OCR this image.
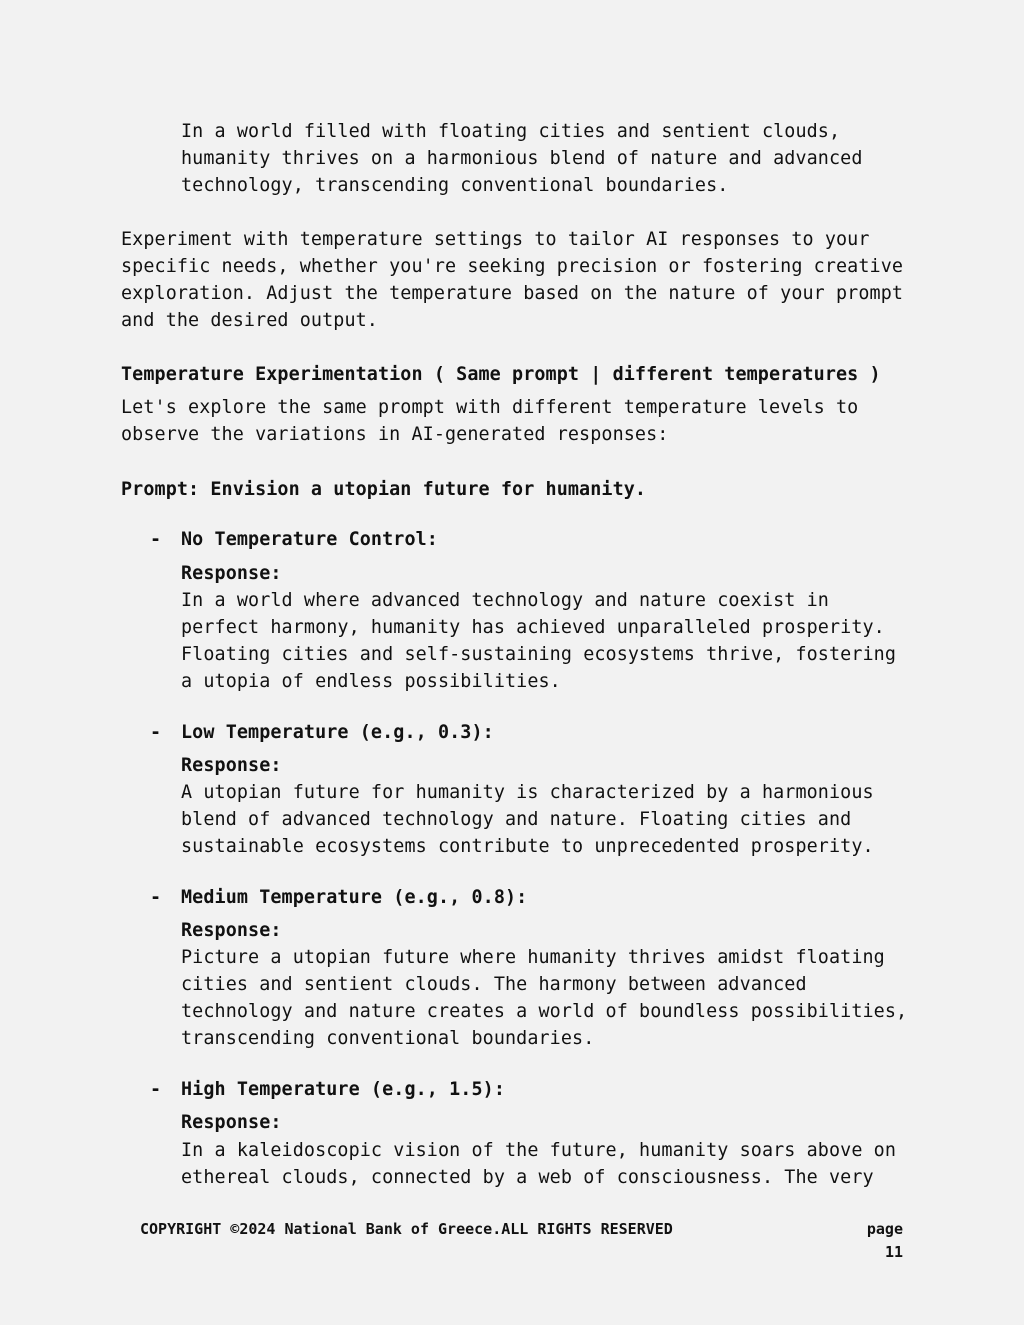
In a world filled with floating cities and sentient clouds,
humanity thrives on a harmonious blend of nature and advanced
technology, transcending conventional boundaries.

Experiment with temperature settings to tailor AI responses to your
specific needs, whether you're seeking precision or fostering creative
exploration. Adjust the temperature based on the nature of your prompt
and the desired output.

Temperature Experimentation ( Same prompt | different temperatures )

Let's explore the same prompt with different temperature levels to
observe the variations in AI-generated responses:

Prompt: Envision a utopian future for humanity.

- No Temperature Control:

Response:

In a world where advanced technology and nature coexist in
perfect harmony, humanity has achieved unparalleled prosperity.
Floating cities and self-sustaining ecosystems thrive, fostering
a utopia of endless possibilities.

- Low Temperature (e.g., 0.3):

Response:

A utopian future for humanity is characterized by a harmonious
blend of advanced technology and nature. Floating cities and
sustainable ecosystems contribute to unprecedented prosperity.

- Medium Temperature (e.g., 0.8):

Response:

Picture a utopian future where humanity thrives amidst floating
cities and sentient clouds. The harmony between advanced
technology and nature creates a world of boundless possibilities,
transcending conventional boundaries.

- High Temperature (e.g., 1.5):

Response:

In a kaleidoscopic vision of the future, humanity soars above on
ethereal clouds, connected by a web of consciousness. The very

COPYRIGHT ©2024 National Bank of Greece.ALL RIGHTS RESERVED	page
11
